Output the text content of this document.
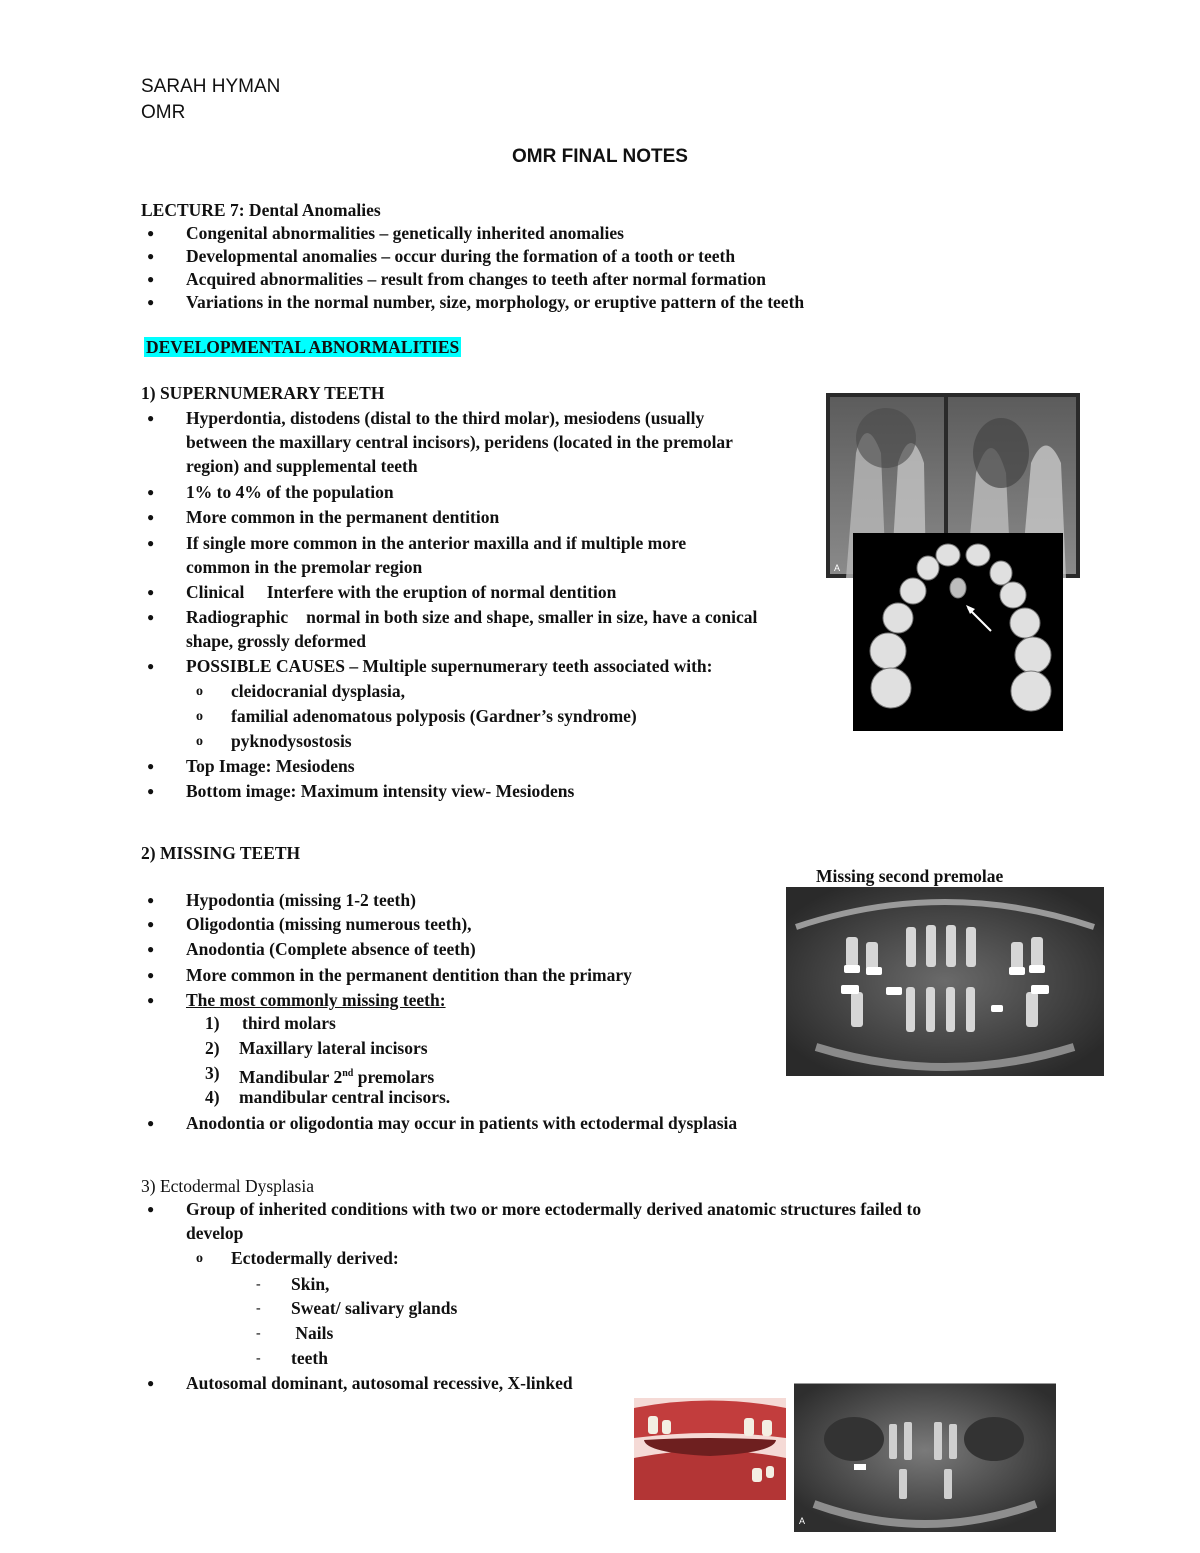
SARAH HYMAN
OMR
OMR FINAL NOTES
LECTURE 7: Dental Anomalies
● Congenital abnormalities – genetically inherited anomalies
● Developmental anomalies – occur during the formation of a tooth or teeth
● Acquired abnormalities – result from changes to teeth after normal formation
● Variations in the normal number, size, morphology, or eruptive pattern of the teeth
DEVELOPMENTAL ABNORMALITIES
1) SUPERNUMERARY TEETH
● Hyperdontia, distodens (distal to the third molar), mesiodens (usually
between the maxillary central incisors), peridens (located in the premolar
region) and supplemental teeth
● 1% to 4% of the population
● More common in the permanent dentition
● If single more common in the anterior maxilla and if multiple more
common in the premolar region
● Clinical Interfere with the eruption of normal dentition
● Radiographic normal in both size and shape, smaller in size, have a conical
shape, grossly deformed
● POSSIBLE CAUSES – Multiple supernumerary teeth associated with:
o cleidocranial dysplasia,
o familial adenomatous polyposis (Gardner’s syndrome)
o pyknodysostosis
● Top Image: Mesiodens
● Bottom image: Maximum intensity view- Mesiodens
A
2) MISSING TEETH
Missing second premolae
● Hypodontia (missing 1-2 teeth)
● Oligodontia (missing numerous teeth),
● Anodontia (Complete absence of teeth)
● More common in the permanent dentition than the primary
● The most commonly missing teeth:
1) third molars
2) Maxillary lateral incisors
3) Mandibular 2nd premolars
4) mandibular central incisors.
● Anodontia or oligodontia may occur in patients with ectodermal dysplasia
3) Ectodermal Dysplasia
● Group of inherited conditions with two or more ectodermally derived anatomic structures failed to
develop
o Ectodermally derived:
- Skin,
- Sweat/ salivary glands
- Nails
- teeth
● Autosomal dominant, autosomal recessive, X-linked
A
